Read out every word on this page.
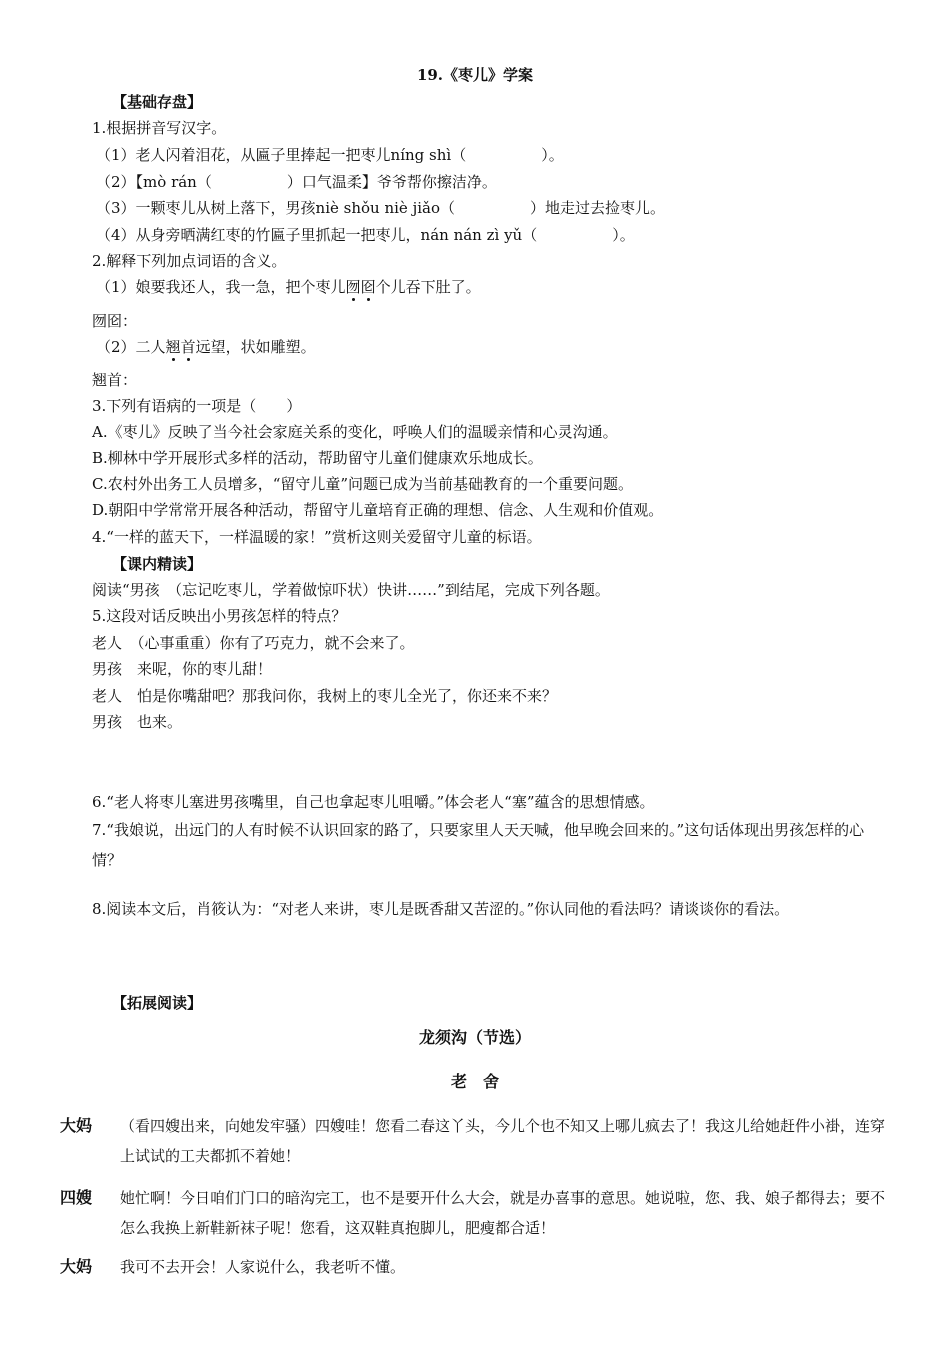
19.《枣儿》学案
【基础存盘】
1.根据拼音写汉字。
（1）老人闪着泪花，从匾子里捧起一把枣儿níng shì（　　　　　）。
（2）【mò rán（　　　　　）口气温柔】爷爷帮你擦洁净。
（3）一颗枣儿从树上落下，男孩niè shǒu niè jiǎo（　　　　　）地走过去捡枣儿。
（4）从身旁晒满红枣的竹匾子里抓起一把枣儿，nán nán zì yǔ（　　　　　）。
2.解释下列加点词语的含义。
（1）娘要我还人，我一急，把个枣儿囫囵个儿吞下肚了。
囫囵：
（2）二人翘首远望，状如雕塑。
翘首：
3.下列有语病的一项是（　　）
A.《枣儿》反映了当今社会家庭关系的变化，呼唤人们的温暖亲情和心灵沟通。
B.柳林中学开展形式多样的活动，帮助留守儿童们健康欢乐地成长。
C.农村外出务工人员增多，“留守儿童”问题已成为当前基础教育的一个重要问题。
D.朝阳中学常常开展各种活动，帮留守儿童培育正确的理想、信念、人生观和价值观。
4.“一样的蓝天下，一样温暖的家！”赏析这则关爱留守儿童的标语。
【课内精读】
阅读“男孩　（忘记吃枣儿，学着做惊吓状）快讲……”到结尾，完成下列各题。
5.这段对话反映出小男孩怎样的特点？
老人　（心事重重）你有了巧克力，就不会来了。
男孩　来呢，你的枣儿甜！
老人　怕是你嘴甜吧？那我问你，我树上的枣儿全光了，你还来不来？
男孩　也来。
6.“老人将枣儿塞进男孩嘴里，自己也拿起枣儿咀嚼。”体会老人“塞”蕴含的思想情感。
7.“我娘说，出远门的人有时候不认识回家的路了，只要家里人天天喊，他早晚会回来的。”这句话体现出男孩怎样的心情？
8.阅读本文后，肖筱认为：“对老人来讲，枣儿是既香甜又苦涩的。”你认同他的看法吗？请谈谈你的看法。
【拓展阅读】
龙须沟（节选）
老　舍
大妈 （看四嫂出来，向她发牢骚）四嫂哇！您看二春这丫头，今儿个也不知又上哪儿疯去了！我这儿给她赶件小褂，连穿上试试的工夫都抓不着她！
四嫂 她忙啊！今日咱们门口的暗沟完工，也不是要开什么大会，就是办喜事的意思。她说啦，您、我、娘子都得去；要不怎么我换上新鞋新袜子呢！您看，这双鞋真抱脚儿，肥瘦都合适！
大妈 我可不去开会！人家说什么，我老听不懂。
